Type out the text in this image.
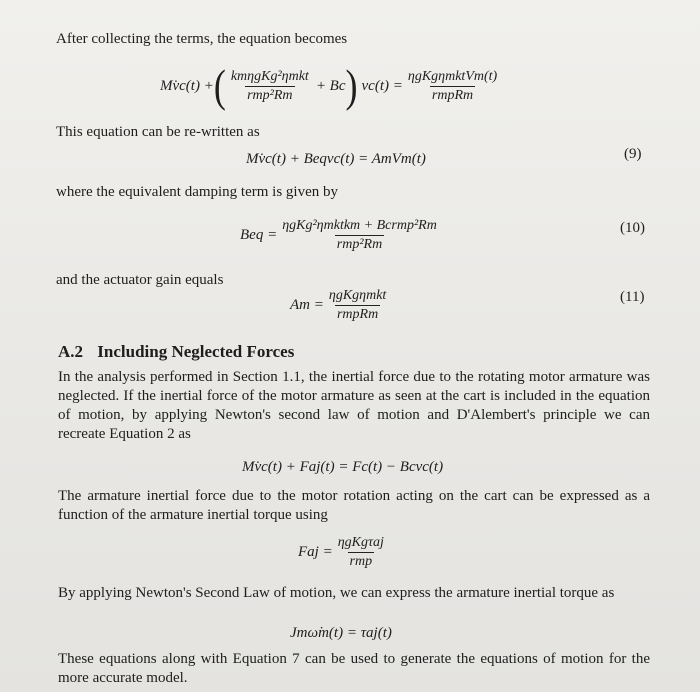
After collecting the terms, the equation becomes
Mv̇c(t) + ( $\frac{\text{kmηgKg²ηmkt}}{\text{rmp²Rm}} + Bc$ ) $vc(t) = \frac{\text{ηgKgηmktVm(t)}}{\text{rmpRm}}$
This equation can be re-written as
Mv̇c(t) + Beqvc(t) = AmVm(t)	(9)
where the equivalent damping term is given by
Beq = $\frac{\text{ηgKg²ηmktkm + Bcrmp²Rm}}{\text{rmp²Rm}}$	(10)
and the actuator gain equals
$Am = \frac{\text{ηgKgηmkt}}{\text{rmpRm}}$	(11)
A.2 Including Neglected Forces
In the analysis performed in Section 1.1, the inertial force due to the rotating motor armature was neglected. If the inertial force of the motor armature as seen at the cart is included in the equation of motion, by applying Newton's second law of motion and D'Alembert's principle we can recreate Equation 2 as
Mv̇c(t) + Faj(t) = Fc(t) − Bcvc(t)
The armature inertial force due to the motor rotation acting on the cart can be expressed as a function of the armature inertial torque using
Faj = $\frac{\text{ηgKgτaj}}{\text{rmp}}$
By applying Newton's Second Law of motion, we can express the armature inertial torque as
Jmω̇m(t) = τaj(t)
These equations along with Equation 7 can be used to generate the equations of motion for the more accurate model.
